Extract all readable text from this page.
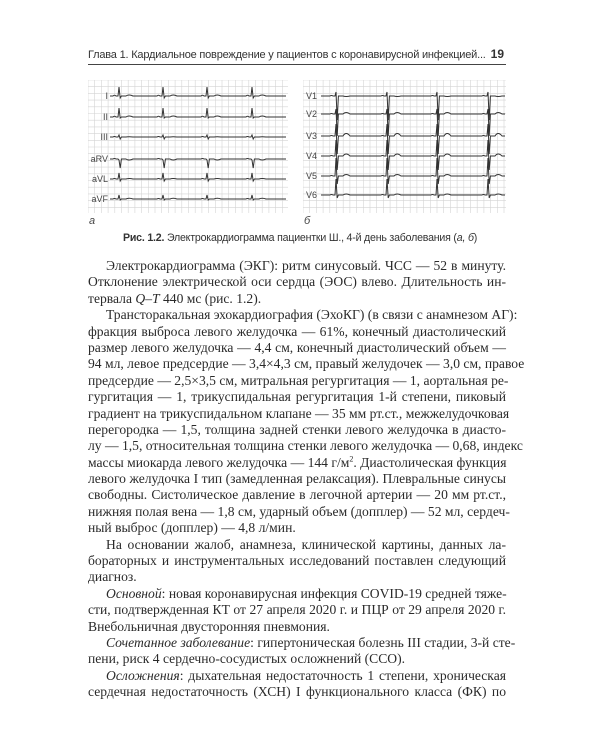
Глава 1. Кардиальное повреждение у пациентов с коронавирусной инфекцией... 19
I
II
III
aRV
aVL
aVF
V1
V2
V3
V4
V5
V6
а	б
Рис. 1.2. Электрокардиограмма пациентки Ш., 4-й день заболевания (а, б)
Электрокардиограмма (ЭКГ): ритм синусовый. ЧСС — 52 в минуту.
Отклонение электрической оси сердца (ЭОС) влево. Длительность ин-
тервала Q–T 440 мс (рис. 1.2).
Трансторакальная эхокардиография (ЭхоКГ) (в связи с анамнезом АГ):
фракция выброса левого желудочка — 61%, конечный диастолический
размер левого желудочка — 4,4 см, конечный диастолический объем —
94 мл, левое предсердие — 3,4×4,3 см, правый желудочек — 3,0 см, правое
предсердие — 2,5×3,5 см, митральная регургитация — 1, аортальная ре-
гургитация — 1, трикуспидальная регургитация 1-й степени, пиковый
градиент на трикуспидальном клапане — 35 мм рт.ст., межжелудочковая
перегородка — 1,5, толщина задней стенки левого желудочка в диасто-
лу — 1,5, относительная толщина стенки левого желудочка — 0,68, индекс
массы миокарда левого желудочка — 144 $г/м^2$. Диастолическая функция
левого желудочка I тип (замедленная релаксация). Плевральные синусы
свободны. Систолическое давление в легочной артерии — 20 мм рт.ст.,
нижняя полая вена — 1,8 см, ударный объем (допплер) — 52 мл, сердеч-
ный выброс (допплер) — 4,8 л/мин.
На основании жалоб, анамнеза, клинической картины, данных ла-
бораторных и инструментальных исследований поставлен следующий
диагноз.
Основной: новая коронавирусная инфекция COVID-19 средней тяже-
сти, подтвержденная КТ от 27 апреля 2020 г. и ПЦР от 29 апреля 2020 г.
Внебольничная двусторонняя пневмония.
Сочетанное заболевание: гипертоническая болезнь III стадии, 3-й сте-
пени, риск 4 сердечно-сосудистых осложнений (ССО).
Осложнения: дыхательная недостаточность 1 степени, хроническая
сердечная недостаточность (ХСН) I функционального класса (ФК) по
